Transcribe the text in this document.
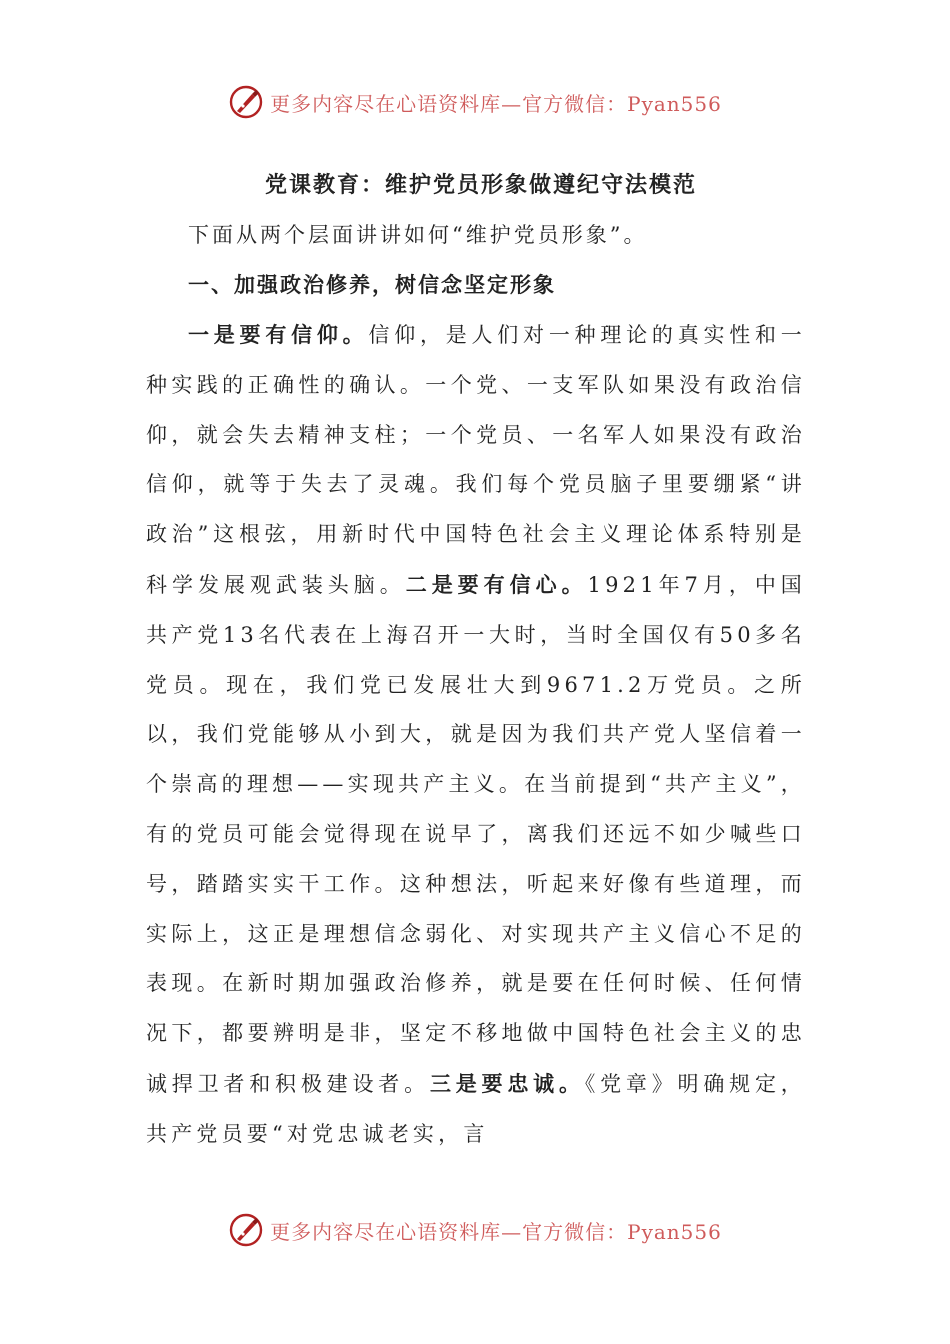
更多内容尽在心语资料库—官方微信：Pyan556
党课教育：维护党员形象做遵纪守法模范

下面从两个层面讲讲如何“维护党员形象”。

一、加强政治修养，树信念坚定形象

一是要有信仰。信仰，是人们对一种理论的真实性和一种实践的正确性的确认。一个党、一支军队如果没有政治信仰，就会失去精神支柱；一个党员、一名军人如果没有政治信仰，就等于失去了灵魂。我们每个党员脑子里要绷紧“讲政治”这根弦，用新时代中国特色社会主义理论体系特别是科学发展观武装头脑。二是要有信心。1921年7月，中国共产党13名代表在上海召开一大时，当时全国仅有50多名党员。现在，我们党已发展壮大到9671.2万党员。之所以，我们党能够从小到大，就是因为我们共产党人坚信着一个崇高的理想——实现共产主义。在当前提到“共产主义”，有的党员可能会觉得现在说早了，离我们还远不如少喊些口号，踏踏实实干工作。这种想法，听起来好像有些道理，而实际上，这正是理想信念弱化、对实现共产主义信心不足的表现。在新时期加强政治修养，就是要在任何时候、任何情况下，都要辨明是非，坚定不移地做中国特色社会主义的忠诚捍卫者和积极建设者。三是要忠诚。《党章》明确规定，共产党员要“对党忠诚老实，言

更多内容尽在心语资料库—官方微信：Pyan556
